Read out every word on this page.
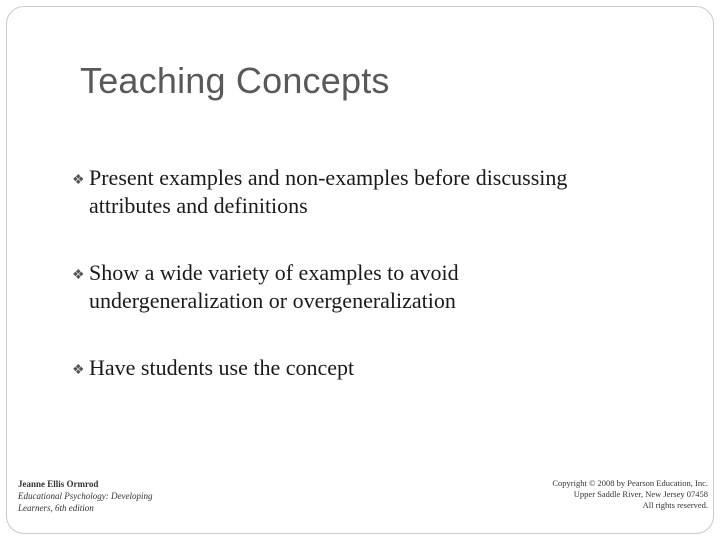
Teaching Concepts
❖ Present examples and non-examples before discussing
attributes and definitions
❖ Show a wide variety of examples to avoid
undergeneralization or overgeneralization
❖ Have students use the concept
Jeanne Ellis Ormrod
Educational Psychology: Developing
Learners, 6th edition
Copyright © 2008 by Pearson Education, Inc.
Upper Saddle River, New Jersey 07458
All rights reserved.
